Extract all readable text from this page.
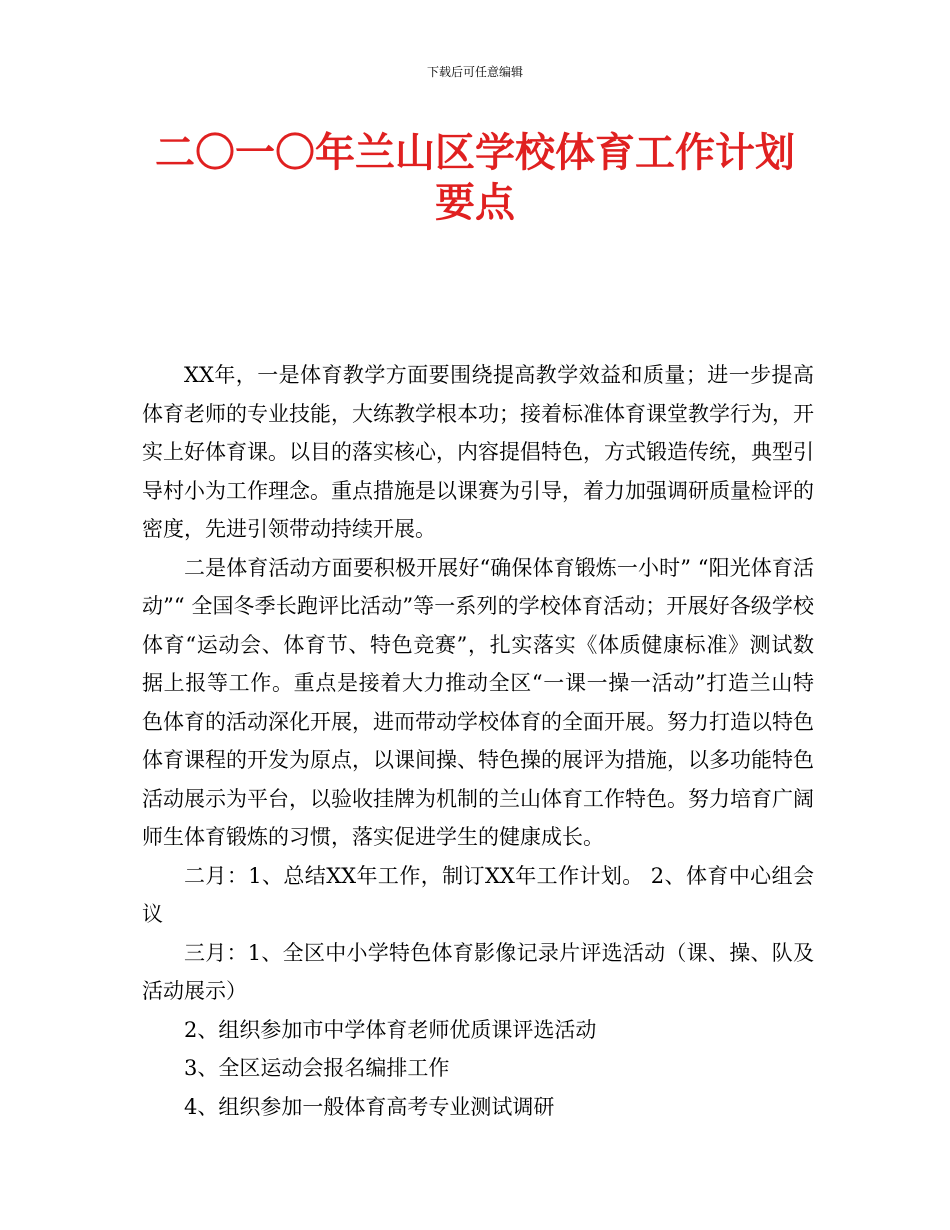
下载后可任意编辑
二〇一〇年兰山区学校体育工作计划
要点

XX年，一是体育教学方面要围绕提高教学效益和质量；进一步提高体育老师的专业技能，大练教学根本功；接着标准体育课堂教学行为，开实上好体育课。以目的落实核心，内容提倡特色，方式锻造传统，典型引导村小为工作理念。重点措施是以课赛为引导，着力加强调研质量检评的密度，先进引领带动持续开展。

二是体育活动方面要积极开展好“确保体育锻炼一小时” “阳光体育活动”“ 全国冬季长跑评比活动”等一系列的学校体育活动；开展好各级学校体育“运动会、体育节、特色竞赛”，扎实落实《体质健康标准》测试数据上报等工作。重点是接着大力推动全区“一课一操一活动”打造兰山特色体育的活动深化开展，进而带动学校体育的全面开展。努力打造以特色体育课程的开发为原点，以课间操、特色操的展评为措施，以多功能特色活动展示为平台，以验收挂牌为机制的兰山体育工作特色。努力培育广阔师生体育锻炼的习惯，落实促进学生的健康成长。

二月：1、总结XX年工作，制订XX年工作计划。 2、体育中心组会议

三月：1、全区中小学特色体育影像记录片评选活动（课、操、队及活动展示）

2、组织参加市中学体育老师优质课评选活动

3、全区运动会报名编排工作

4、组织参加一般体育高考专业测试调研
